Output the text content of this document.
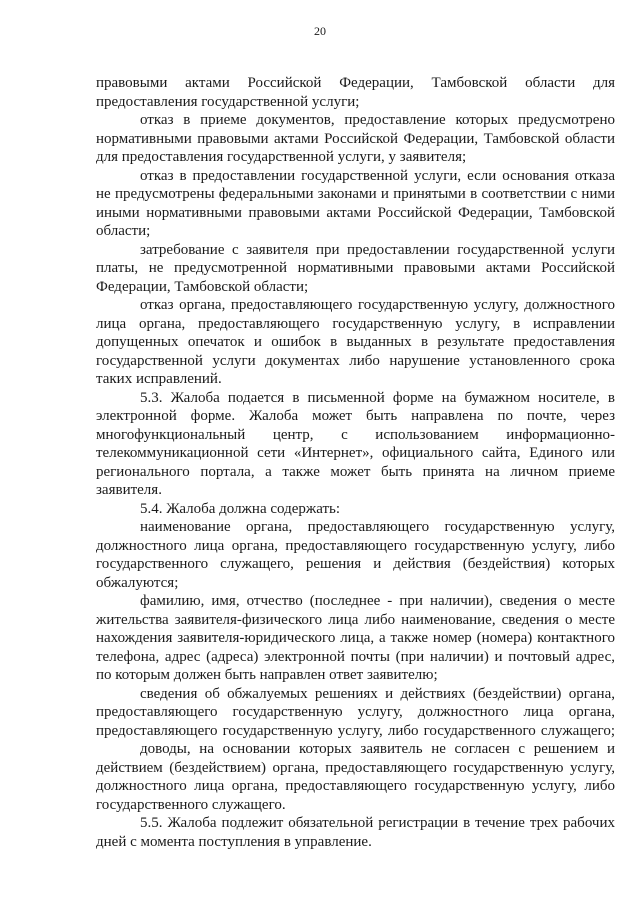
20
правовыми актами Российской Федерации, Тамбовской области для
предоставления государственной услуги;
отказ в приеме документов, предоставление которых предусмотрено
нормативными правовыми актами Российской Федерации, Тамбовской области
для предоставления государственной услуги, у заявителя;
отказ в предоставлении государственной услуги, если основания отказа
не предусмотрены федеральными законами и принятыми в соответствии с ними
иными нормативными правовыми актами Российской Федерации, Тамбовской
области;
затребование с заявителя при предоставлении государственной услуги
платы, не предусмотренной нормативными правовыми актами Российской
Федерации, Тамбовской области;
отказ органа, предоставляющего государственную услугу, должностного
лица органа, предоставляющего государственную услугу, в исправлении
допущенных опечаток и ошибок в выданных в результате предоставления
государственной услуги документах либо нарушение установленного срока
таких исправлений.
5.3. Жалоба подается в письменной форме на бумажном носителе, в
электронной форме. Жалоба может быть направлена по почте, через
многофункциональный центр, с использованием информационно-
телекоммуникационной сети «Интернет», официального сайта, Единого или
регионального портала, а также может быть принята на личном приеме
заявителя.
5.4. Жалоба должна содержать:
наименование органа, предоставляющего государственную услугу,
должностного лица органа, предоставляющего государственную услугу, либо
государственного служащего, решения и действия (бездействия) которых
обжалуются;
фамилию, имя, отчество (последнее - при наличии), сведения о месте
жительства заявителя-физического лица либо наименование, сведения о месте
нахождения заявителя-юридического лица, а также номер (номера) контактного
телефона, адрес (адреса) электронной почты (при наличии) и почтовый адрес,
по которым должен быть направлен ответ заявителю;
сведения об обжалуемых решениях и действиях (бездействии) органа,
предоставляющего государственную услугу, должностного лица органа,
предоставляющего государственную услугу, либо государственного служащего;
доводы, на основании которых заявитель не согласен с решением и
действием (бездействием) органа, предоставляющего государственную услугу,
должностного лица органа, предоставляющего государственную услугу, либо
государственного служащего.
5.5. Жалоба подлежит обязательной регистрации в течение трех рабочих
дней с момента поступления в управление.
